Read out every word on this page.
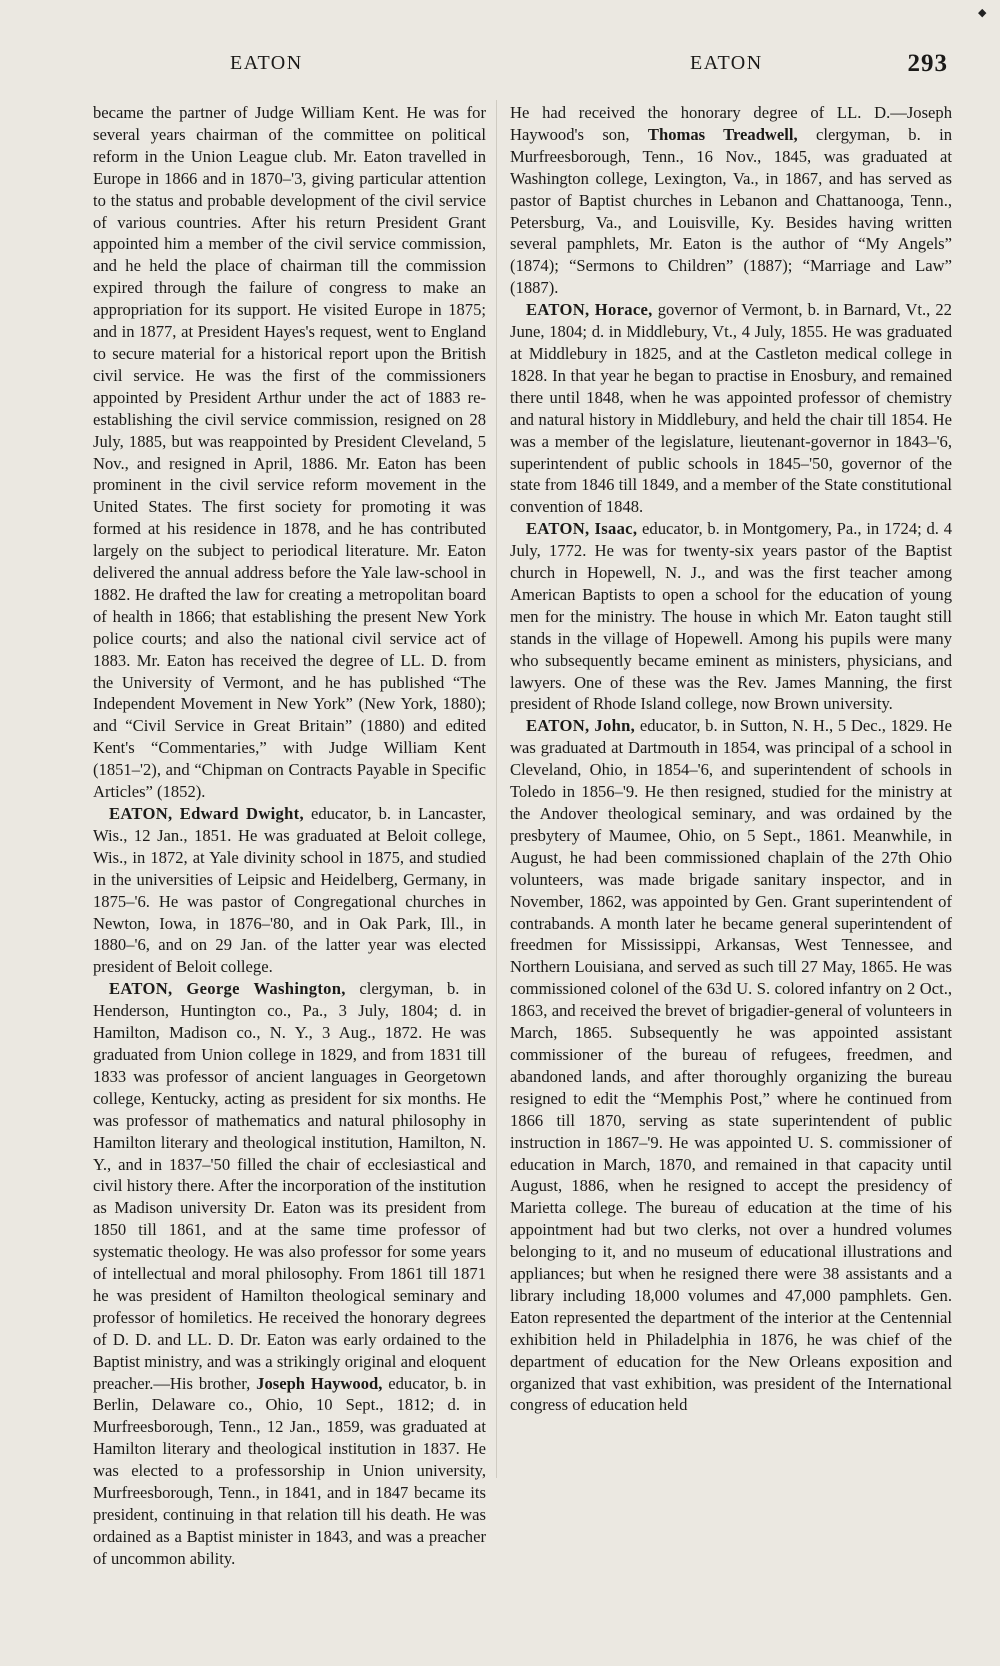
◆
EATON	EATON	293

became the partner of Judge William Kent. He was for several years chairman of the committee on political reform in the Union League club. Mr. Eaton travelled in Europe in 1866 and in 1870–'3, giving particular attention to the status and probable development of the civil service of various countries. After his return President Grant appointed him a member of the civil service commission, and he held the place of chairman till the commission expired through the failure of congress to make an appropriation for its support. He visited Europe in 1875; and in 1877, at President Hayes's request, went to England to secure material for a historical report upon the British civil service. He was the first of the commissioners appointed by President Arthur under the act of 1883 re-establishing the civil service commission, resigned on 28 July, 1885, but was reappointed by President Cleveland, 5 Nov., and resigned in April, 1886. Mr. Eaton has been prominent in the civil service reform movement in the United States. The first society for promoting it was formed at his residence in 1878, and he has contributed largely on the subject to periodical literature. Mr. Eaton delivered the annual address before the Yale law-school in 1882. He drafted the law for creating a metropolitan board of health in 1866; that establishing the present New York police courts; and also the national civil service act of 1883. Mr. Eaton has received the degree of LL. D. from the University of Vermont, and he has published “The Independent Movement in New York” (New York, 1880); and “Civil Service in Great Britain” (1880) and edited Kent's “Commentaries,” with Judge William Kent (1851–'2), and “Chipman on Contracts Payable in Specific Articles” (1852).

EATON, Edward Dwight, educator, b. in Lancaster, Wis., 12 Jan., 1851. He was graduated at Beloit college, Wis., in 1872, at Yale divinity school in 1875, and studied in the universities of Leipsic and Heidelberg, Germany, in 1875–'6. He was pastor of Congregational churches in Newton, Iowa, in 1876–'80, and in Oak Park, Ill., in 1880–'6, and on 29 Jan. of the latter year was elected president of Beloit college.

EATON, George Washington, clergyman, b. in Henderson, Huntington co., Pa., 3 July, 1804; d. in Hamilton, Madison co., N. Y., 3 Aug., 1872. He was graduated from Union college in 1829, and from 1831 till 1833 was professor of ancient languages in Georgetown college, Kentucky, acting as president for six months. He was professor of mathematics and natural philosophy in Hamilton literary and theological institution, Hamilton, N. Y., and in 1837–'50 filled the chair of ecclesiastical and civil history there. After the incorporation of the institution as Madison university Dr. Eaton was its president from 1850 till 1861, and at the same time professor of systematic theology. He was also professor for some years of intellectual and moral philosophy. From 1861 till 1871 he was president of Hamilton theological seminary and professor of homiletics. He received the honorary degrees of D. D. and LL. D. Dr. Eaton was early ordained to the Baptist ministry, and was a strikingly original and eloquent preacher.—His brother, Joseph Haywood, educator, b. in Berlin, Delaware co., Ohio, 10 Sept., 1812; d. in Murfreesborough, Tenn., 12 Jan., 1859, was graduated at Hamilton literary and theological institution in 1837. He was elected to a professorship in Union university, Murfreesborough, Tenn., in 1841, and in 1847 became its president, continuing in that relation till his death. He was ordained as a Baptist minister in 1843, and was a preacher of uncommon ability.

He had received the honorary degree of LL. D.—Joseph Haywood's son, Thomas Treadwell, clergyman, b. in Murfreesborough, Tenn., 16 Nov., 1845, was graduated at Washington college, Lexington, Va., in 1867, and has served as pastor of Baptist churches in Lebanon and Chattanooga, Tenn., Petersburg, Va., and Louisville, Ky. Besides having written several pamphlets, Mr. Eaton is the author of “My Angels” (1874); “Sermons to Children” (1887); “Marriage and Law” (1887).

EATON, Horace, governor of Vermont, b. in Barnard, Vt., 22 June, 1804; d. in Middlebury, Vt., 4 July, 1855. He was graduated at Middlebury in 1825, and at the Castleton medical college in 1828. In that year he began to practise in Enosbury, and remained there until 1848, when he was appointed professor of chemistry and natural history in Middlebury, and held the chair till 1854. He was a member of the legislature, lieutenant-governor in 1843–'6, superintendent of public schools in 1845–'50, governor of the state from 1846 till 1849, and a member of the State constitutional convention of 1848.

EATON, Isaac, educator, b. in Montgomery, Pa., in 1724; d. 4 July, 1772. He was for twenty-six years pastor of the Baptist church in Hopewell, N. J., and was the first teacher among American Baptists to open a school for the education of young men for the ministry. The house in which Mr. Eaton taught still stands in the village of Hopewell. Among his pupils were many who subsequently became eminent as ministers, physicians, and lawyers. One of these was the Rev. James Manning, the first president of Rhode Island college, now Brown university.

EATON, John, educator, b. in Sutton, N. H., 5 Dec., 1829. He was graduated at Dartmouth in 1854, was principal of a school in Cleveland, Ohio, in 1854–'6, and superintendent of schools in Toledo in 1856–'9. He then resigned, studied for the ministry at the Andover theological seminary, and was ordained by the presbytery of Maumee, Ohio, on 5 Sept., 1861. Meanwhile, in August, he had been commissioned chaplain of the 27th Ohio volunteers, was made brigade sanitary inspector, and in November, 1862, was appointed by Gen. Grant superintendent of contrabands. A month later he became general superintendent of freedmen for Mississippi, Arkansas, West Tennessee, and Northern Louisiana, and served as such till 27 May, 1865. He was commissioned colonel of the 63d U. S. colored infantry on 2 Oct., 1863, and received the brevet of brigadier-general of volunteers in March, 1865. Subsequently he was appointed assistant commissioner of the bureau of refugees, freedmen, and abandoned lands, and after thoroughly organizing the bureau resigned to edit the “Memphis Post,” where he continued from 1866 till 1870, serving as state superintendent of public instruction in 1867–'9. He was appointed U. S. commissioner of education in March, 1870, and remained in that capacity until August, 1886, when he resigned to accept the presidency of Marietta college. The bureau of education at the time of his appointment had but two clerks, not over a hundred volumes belonging to it, and no museum of educational illustrations and appliances; but when he resigned there were 38 assistants and a library including 18,000 volumes and 47,000 pamphlets. Gen. Eaton represented the department of the interior at the Centennial exhibition held in Philadelphia in 1876, he was chief of the department of education for the New Orleans exposition and organized that vast exhibition, was president of the International congress of education held
